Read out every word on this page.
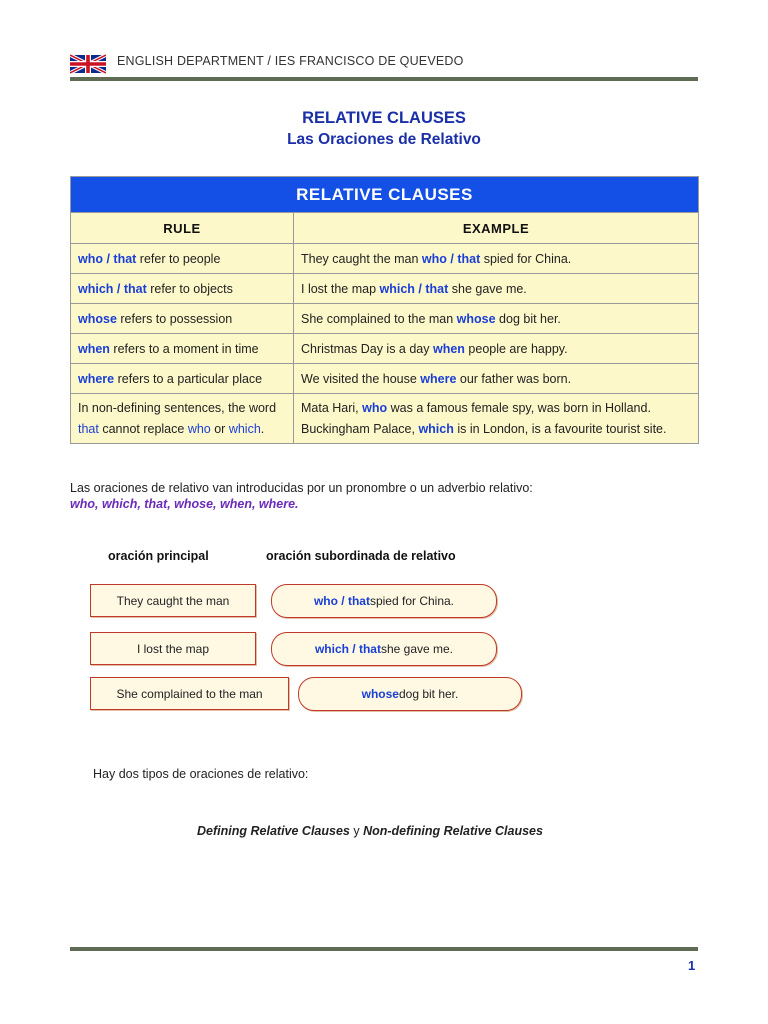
ENGLISH DEPARTMENT / IES FRANCISCO DE QUEVEDO
RELATIVE CLAUSES
Las Oraciones de Relativo
RELATIVE CLAUSES	
RULE	EXAMPLE
who / that refer to people	They caught the man who / that spied for China.
which / that refer to objects	I lost the map which / that she gave me.
whose refers to possession	She complained to the man whose dog bit her.
when refers to a moment in time	Christmas Day is a day when people are happy.
where refers to a particular place	We visited the house where our father was born.
In non-defining sentences, the word
that cannot replace who or which.	Mata Hari, who was a famous female spy, was born in Holland.
Buckingham Palace, which is in London, is a favourite tourist site.
Las oraciones de relativo van introducidas por un pronombre o un adverbio relativo:
who, which, that, whose, when, where.
oración principal	oración subordinada de relativo
They caught the man	who / that spied for China.
I lost the map	which / that she gave me.
She complained to the man	whose dog bit her.
Hay dos tipos de oraciones de relativo:
Defining Relative Clauses y Non-defining Relative Clauses
1
